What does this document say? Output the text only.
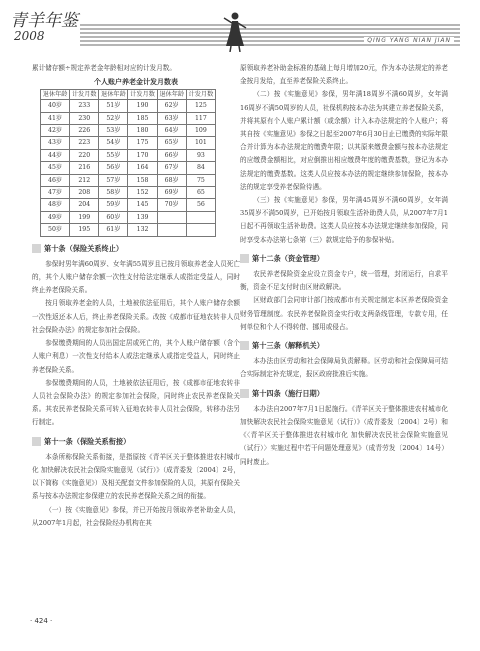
青羊年鉴
2008	QING YANG NIAN JIAN

累计储存额÷规定养老金年龄相对应的计发月数。

个人账户养老金计发月数表
退休年龄	计发月数	退休年龄	计发月数	退休年龄	计发月数
40岁	233	51岁	190	62岁	125
41岁	230	52岁	185	63岁	117
42岁	226	53岁	180	64岁	109
43岁	223	54岁	175	65岁	101
44岁	220	55岁	170	66岁	93
45岁	216	56岁	164	67岁	84
46岁	212	57岁	158	68岁	75
47岁	208	58岁	152	69岁	65
48岁	204	59岁	145	70岁	56
49岁	199	60岁	139		
50岁	195	61岁	132		
第十条（保险关系终止）

参保时男年满60周岁、女年满55周岁且已按月领取养老金人员死亡的，其个人账户储存余额一次性支付给法定继承人或指定受益人，同时终止养老保险关系。

按月领取养老金的人员，土地被依法征用后，其个人账户储存余额一次性返还本人后，终止养老保险关系。改按《成都市征地农转非人员社会保险办法》的规定参加社会保险。

参保缴费期间的人员出国定居或死亡的，其个人账户储存额（含个人账户利息）一次性支付给本人或法定继承人或指定受益人，同时终止养老保险关系。

参保缴费期间的人员，土地被依法征用后，按《成都市征地农转非人员社会保险办法》的规定参加社会保险，同时终止农民养老保险关系。其农民养老保险关系可转入征地农转非人员社会保险，转移办法另行制定。

第十一条（保险关系衔接）

本条所称保险关系衔接，是指原按《青羊区关于整体推进农村城市化 加快解决农民社会保险实施意见（试行）》（成青委发〔2004〕2号，以下简称《实施意见》）及相关配套文件参加保险的人员，其原有保险关系与按本办法规定参保建立的农民养老保险关系之间的衔接。

（一）按《实施意见》参保，并已开始按月领取养老补助金人员，从2007年1月起，社会保险经办机构在其

原领取养老补助金标准的基础上每月增加20元，作为本办法规定的养老金按月发给，直至养老保险关系终止。

（二）按《实施意见》参保，男年满18周岁不满60周岁，女年满16周岁不满50周岁的人员，社保机构按本办法为其建立养老保险关系，并将其原有个人账户累计额（或余额）计入本办法规定的个人账户；将其自按《实施意见》参保之日起至2007年6月30日止已缴费的实际年限合并计算为本办法规定的缴费年限；以其原来缴费金额与按本办法规定的应缴费金额相比，对应倒推出相应缴费年度的缴费基数，登记为本办法规定的缴费基数。这类人员应按本办法的规定继续参加保险，按本办法的规定享受养老保险待遇。

（三）按《实施意见》参保，男年满45周岁不满60周岁，女年满35周岁不满50周岁，已开始按月领取生活补助费人员，从2007年7月1日起不再领取生活补助费。这类人员应按本办法规定继续参加保险，同时享受本办法第七条第（三）款规定给予的参保补贴。

第十二条（资金管理）

农民养老保险资金应设立资金专户，统一管理，封闭运行，自求平衡，资金不足支付时由区财政解决。

区财政部门会同审计部门按成都市有关规定制定本区养老保险资金财务管理制度。农民养老保险资金实行收支两条线管理，专款专用，任何单位和个人不得转借、挪用或侵占。

第十三条（解释机关）

本办法由区劳动和社会保障局负责解释。区劳动和社会保障局可结合实际制定补充规定，报区政府批准后实施。

第十四条（施行日期）

本办法自2007年7月1日起施行。《青羊区关于整体推进农村城市化 加快解决农民社会保险实施意见（试行）》（成青委发〔2004〕2号）和《〈青羊区关于整体推进农村城市化 加快解决农民社会保险实施意见（试行）〉实施过程中若干问题处理意见》（成青劳发〔2004〕14号）同时废止。

· 424 ·
